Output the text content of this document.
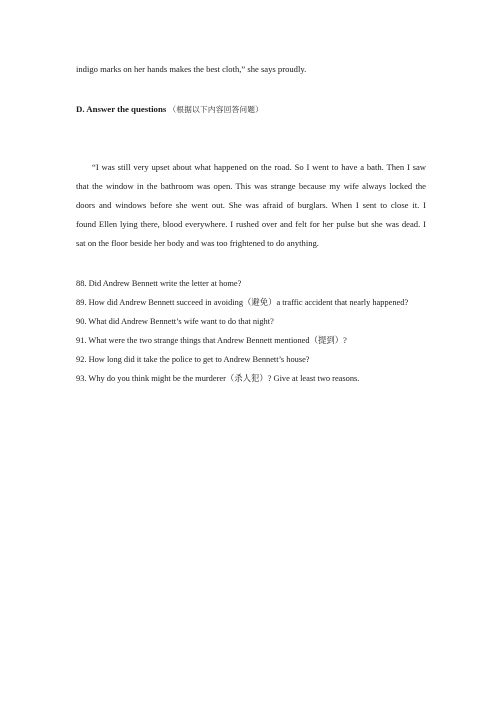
indigo marks on her hands makes the best cloth,” she says proudly.
D. Answer the questions （根据以下内容回答问题）
“I was still very upset about what happened on the road. So I went to have a bath. Then I saw
that the window in the bathroom was open. This was strange because my wife always locked the
doors and windows before she went out. She was afraid of burglars. When I sent to close it. I
found Ellen lying there, blood everywhere. I rushed over and felt for her pulse but she was dead. I
sat on the floor beside her body and was too frightened to do anything.
88. Did Andrew Bennett write the letter at home?
89. How did Andrew Bennett succeed in avoiding（避免）a traffic accident that nearly happened?
90. What did Andrew Bennett’s wife want to do that night?
91. What were the two strange things that Andrew Bennett mentioned（提到）?
92. How long did it take the police to get to Andrew Bennett’s house?
93. Why do you think might be the murderer（杀人犯）? Give at least two reasons.
